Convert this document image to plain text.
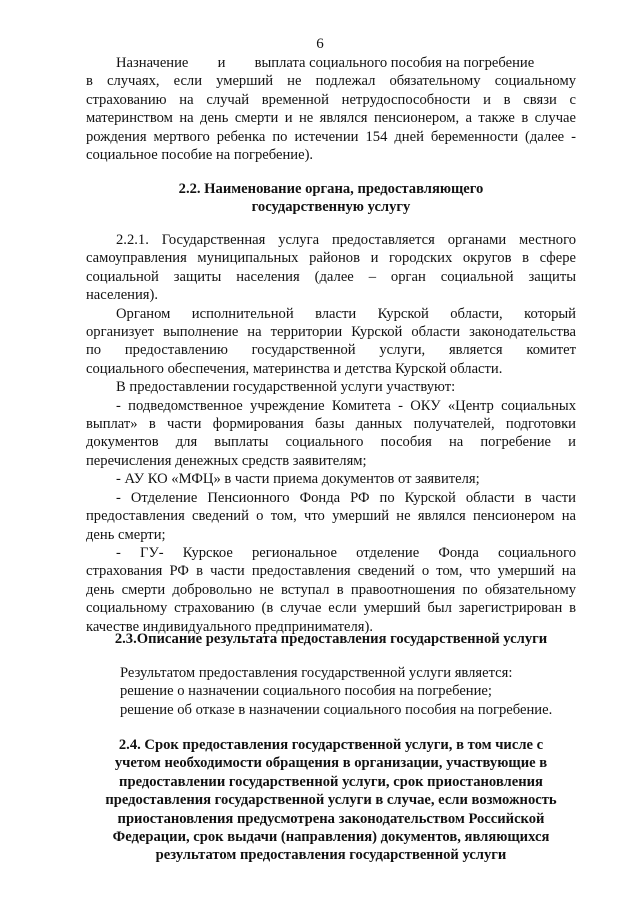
6
Назначение        и        выплата социального пособия на погребение
в случаях, если умерший не подлежал обязательному социальному
страхованию на случай временной нетрудоспособности и в связи с
материнством на день смерти и не являлся пенсионером, а также в случае
рождения мертвого ребенка по истечении 154 дней беременности (далее -
социальное пособие на погребение).
2.2. Наименование органа, предоставляющего
государственную услугу
2.2.1. Государственная услуга предоставляется органами местного
самоуправления муниципальных районов и городских округов в сфере
социальной защиты населения (далее – орган социальной защиты
населения).
Органом исполнительной власти Курской области, который
организует выполнение на территории Курской области законодательства
по предоставлению государственной услуги, является комитет
социального обеспечения, материнства и детства Курской области.
В предоставлении государственной услуги участвуют:
- подведомственное учреждение Комитета - ОКУ «Центр социальных
выплат» в части формирования базы данных получателей, подготовки
документов для выплаты социального пособия на погребение и
перечисления денежных средств заявителям;
- АУ КО «МФЦ» в части приема документов от заявителя;
- Отделение Пенсионного Фонда РФ по Курской области в части
предоставления сведений о том, что умерший не являлся пенсионером на
день смерти;
- ГУ- Курское региональное отделение Фонда социального
страхования РФ в части предоставления сведений о том, что умерший на
день смерти добровольно не вступал в правоотношения по обязательному
социальному страхованию (в случае если умерший был зарегистрирован в
качестве индивидуального предпринимателя).
2.3.Описание результата предоставления государственной услуги
Результатом предоставления государственной услуги является:
решение о назначении социального пособия на погребение;
решение об отказе в назначении социального пособия на погребение.
2.4. Срок предоставления государственной услуги, в том числе с
учетом необходимости обращения в организации, участвующие в
предоставлении государственной услуги, срок приостановления
предоставления государственной услуги в случае, если возможность
приостановления предусмотрена законодательством Российской
Федерации, срок выдачи (направления) документов, являющихся
результатом предоставления государственной услуги
